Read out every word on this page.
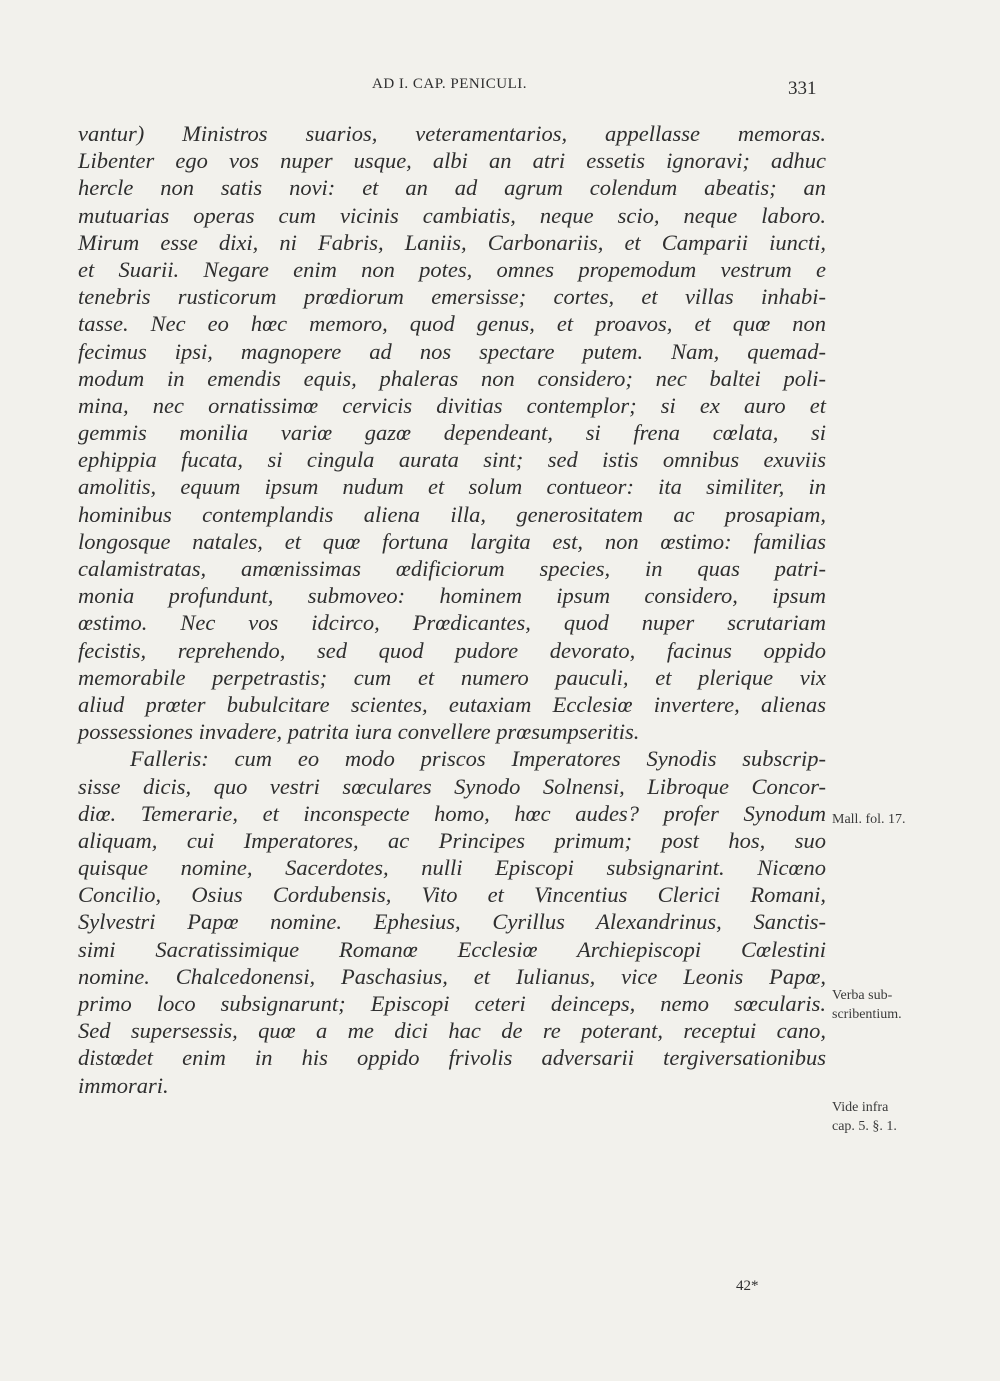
AD I. CAP. PENICULI.	331
vantur) Ministros suarios, veteramentarios, appellasse memoras.
Libenter ego vos nuper usque, albi an atri essetis ignoravi; adhuc
hercle non satis novi: et an ad agrum colendum abeatis; an
mutuarias operas cum vicinis cambiatis, neque scio, neque laboro.
Mirum esse dixi, ni Fabris, Laniis, Carbonariis, et Camparii iuncti,
et Suarii. Negare enim non potes, omnes propemodum vestrum e
tenebris rusticorum prœdiorum emersisse; cortes, et villas inhabi-
tasse. Nec eo hœc memoro, quod genus, et proavos, et quœ non
fecimus ipsi, magnopere ad nos spectare putem. Nam, quemad-
modum in emendis equis, phaleras non considero; nec baltei poli-
mina, nec ornatissimœ cervicis divitias contemplor; si ex auro et
gemmis monilia variœ gazœ dependeant, si frena cœlata, si
ephippia fucata, si cingula aurata sint; sed istis omnibus exuviis
amolitis, equum ipsum nudum et solum contueor: ita similiter, in
hominibus contemplandis aliena illa, generositatem ac prosapiam,
longosque natales, et quœ fortuna largita est, non œstimo: familias
calamistratas, amœnissimas œdificiorum species, in quas patri-
monia profundunt, submoveo: hominem ipsum considero, ipsum
œstimo. Nec vos idcirco, Prœdicantes, quod nuper scrutariam
fecistis, reprehendo, sed quod pudore devorato, facinus oppido
memorabile perpetrastis; cum et numero pauculi, et plerique vix
aliud prœter bubulcitare scientes, eutaxiam Ecclesiœ invertere, alienas
possessiones invadere, patrita iura convellere prœsumpseritis.
Falleris: cum eo modo priscos Imperatores Synodis subscrip-
sisse dicis, quo vestri sœculares Synodo Solnensi, Libroque Concor-
diœ. Temerarie, et inconspecte homo, hœc audes? profer Synodum
aliquam, cui Imperatores, ac Principes primum; post hos, suo
quisque nomine, Sacerdotes, nulli Episcopi subsignarint. Nicœno
Concilio, Osius Cordubensis, Vito et Vincentius Clerici Romani,
Sylvestri Papœ nomine. Ephesius, Cyrillus Alexandrinus, Sanctis-
simi Sacratissimique Romanœ Ecclesiœ Archiepiscopi Cœlestini
nomine. Chalcedonensi, Paschasius, et Iulianus, vice Leonis Papœ,
primo loco subsignarunt; Episcopi ceteri deinceps, nemo sœcularis.
Sed supersessis, quœ a me dici hac de re poterant, receptui cano,
distœdet enim in his oppido frivolis adversarii tergiversationibus
immorari.
Mall. fol. 17.
Verba sub-
scribentium.
Vide infra
cap. 5. §. 1.
42*
